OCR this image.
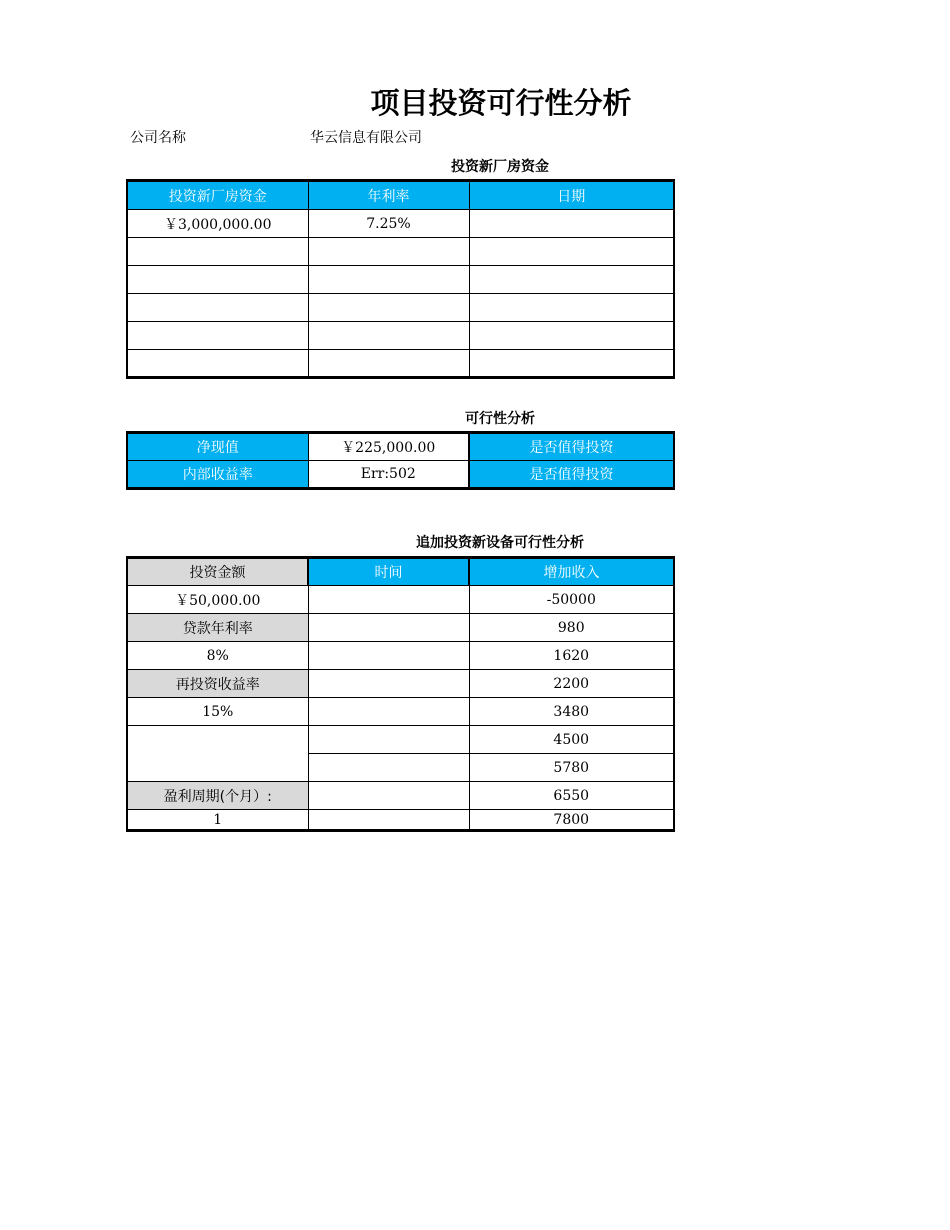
项目投资可行性分析
公司名称	华云信息有限公司
投资新厂房资金
投资新厂房资金	年利率	日期
￥3,000,000.00	7.25%	

可行性分析
净现值	￥225,000.00	是否值得投资
内部收益率	Err:502	是否值得投资
追加投资新设备可行性分析
投资金额	时间	增加收入
￥50,000.00		-50000
贷款年利率		980
8%		1620
再投资收益率		2200
15%		3480
		4500
		5780
盈利周期(个月）:		6550
1		7800
